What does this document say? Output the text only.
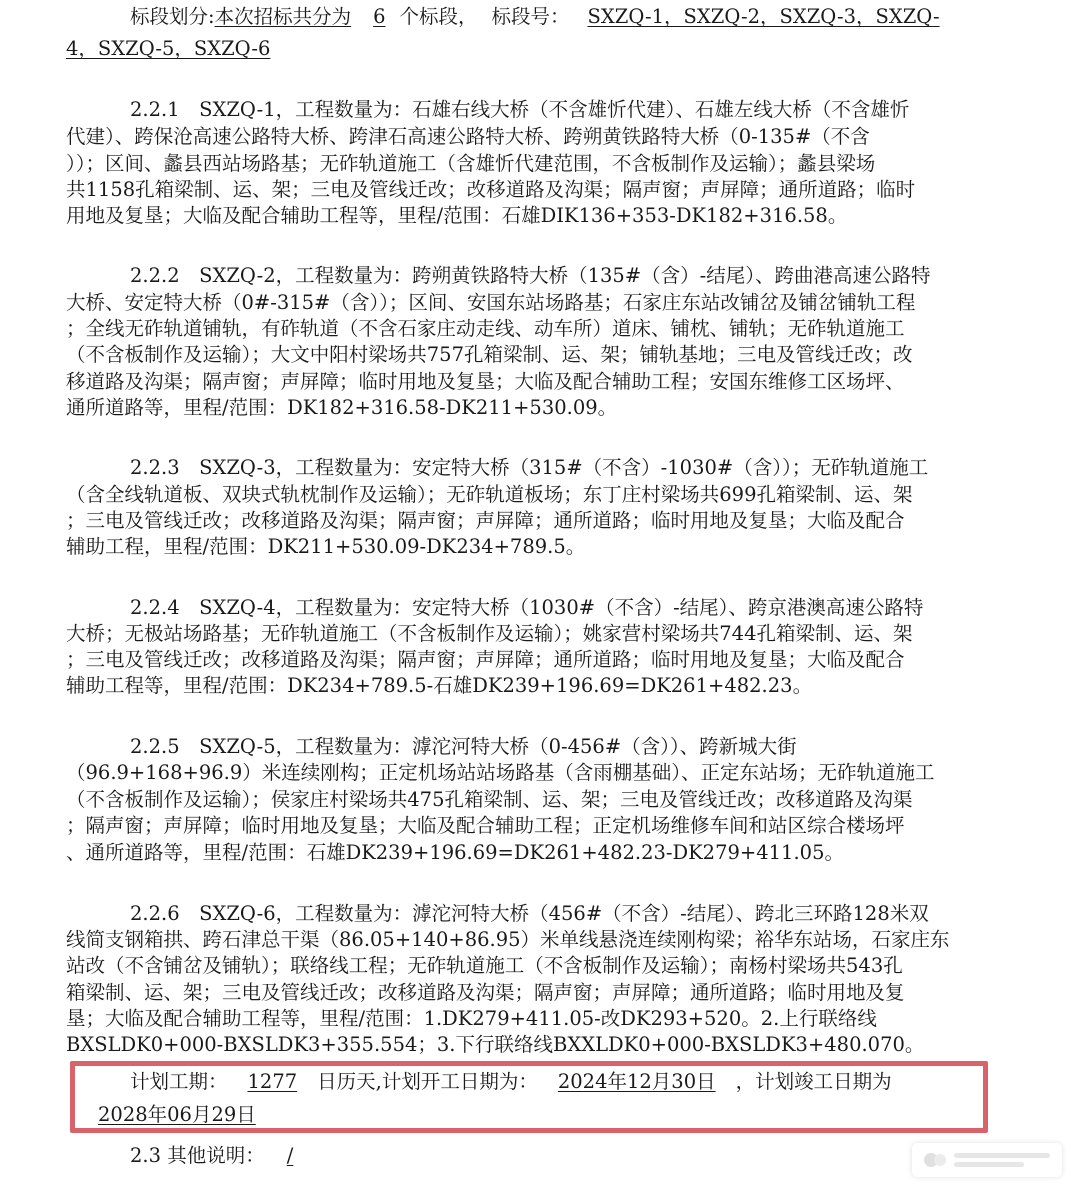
标段划分:本次招标共分为 6 个标段， 标段号： SXZQ-1，SXZQ-2，SXZQ-3，SXZQ-
4，SXZQ-5，SXZQ-6
2.2.1　SXZQ-1，工程数量为：石雄右线大桥（不含雄忻代建）、石雄左线大桥（不含雄忻
代建）、跨保沧高速公路特大桥、跨津石高速公路特大桥、跨朔黄铁路特大桥（0-135#（不含
））；区间、蠡县西站场路基；无砟轨道施工（含雄忻代建范围，不含板制作及运输）；蠡县梁场
共1158孔箱梁制、运、架；三电及管线迁改；改移道路及沟渠；隔声窗；声屏障；通所道路；临时
用地及复垦；大临及配合辅助工程等，里程/范围：石雄DIK136+353-DK182+316.58。
2.2.2　SXZQ-2，工程数量为：跨朔黄铁路特大桥（135#（含）-结尾）、跨曲港高速公路特
大桥、安定特大桥（0#-315#（含））；区间、安国东站场路基；石家庄东站改铺岔及铺岔铺轨工程
；全线无砟轨道铺轨，有砟轨道（不含石家庄动走线、动车所）道床、铺枕、铺轨；无砟轨道施工
（不含板制作及运输）；大文中阳村梁场共757孔箱梁制、运、架；铺轨基地；三电及管线迁改；改
移道路及沟渠；隔声窗；声屏障；临时用地及复垦；大临及配合辅助工程；安国东维修工区场坪、
通所道路等，里程/范围：DK182+316.58-DK211+530.09。
2.2.3　SXZQ-3，工程数量为：安定特大桥（315#（不含）-1030#（含））；无砟轨道施工
（含全线轨道板、双块式轨枕制作及运输）；无砟轨道板场；东丁庄村梁场共699孔箱梁制、运、架
；三电及管线迁改；改移道路及沟渠；隔声窗；声屏障；通所道路；临时用地及复垦；大临及配合
辅助工程，里程/范围：DK211+530.09-DK234+789.5。
2.2.4　SXZQ-4，工程数量为：安定特大桥（1030#（不含）-结尾）、跨京港澳高速公路特
大桥；无极站场路基；无砟轨道施工（不含板制作及运输）；姚家营村梁场共744孔箱梁制、运、架
；三电及管线迁改；改移道路及沟渠；隔声窗；声屏障；通所道路；临时用地及复垦；大临及配合
辅助工程等，里程/范围：DK234+789.5-石雄DK239+196.69=DK261+482.23。
2.2.5　SXZQ-5，工程数量为：滹沱河特大桥（0-456#（含））、跨新城大街
（96.9+168+96.9）米连续刚构；正定机场站站场路基（含雨棚基础）、正定东站场；无砟轨道施工
（不含板制作及运输）；侯家庄村梁场共475孔箱梁制、运、架；三电及管线迁改；改移道路及沟渠
；隔声窗；声屏障；临时用地及复垦；大临及配合辅助工程；正定机场维修车间和站区综合楼场坪
、通所道路等，里程/范围：石雄DK239+196.69=DK261+482.23-DK279+411.05。
2.2.6　SXZQ-6，工程数量为：滹沱河特大桥（456#（不含）-结尾）、跨北三环路128米双
线简支钢箱拱、跨石津总干渠（86.05+140+86.95）米单线悬浇连续刚构梁；裕华东站场，石家庄东
站改（不含铺岔及铺轨）；联络线工程；无砟轨道施工（不含板制作及运输）；南杨村梁场共543孔
箱梁制、运、架；三电及管线迁改；改移道路及沟渠；隔声窗；声屏障；通所道路；临时用地及复
垦；大临及配合辅助工程等，里程/范围：1.DK279+411.05-改DK293+520。2.上行联络线
BXSLDK0+000-BXSLDK3+355.554；3.下行联络线BXXLDK0+000-BXSLDK3+480.070。
计划工期： 1277 日历天,计划开工日期为： 2024年12月30日 ，计划竣工日期为
2028年06月29日
2.3 其他说明： /
